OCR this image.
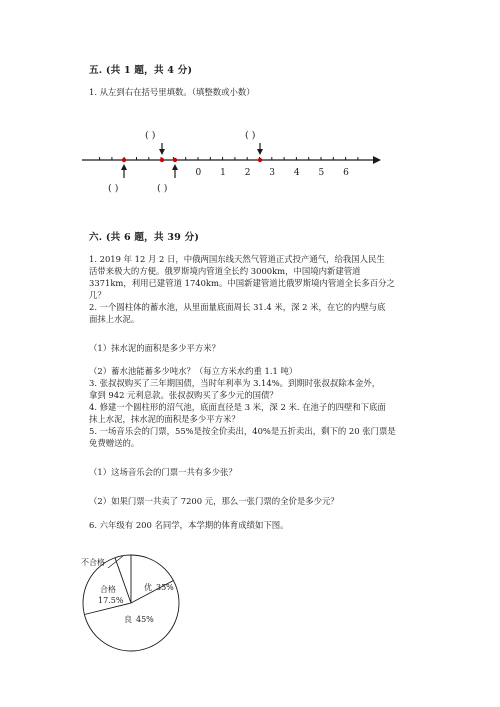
五. (共 1 题，共 4 分)
1. 从左到右在括号里填数。（填整数或小数）
0 1 2 3 4 5 6
( )	( )
( )	( )
六. (共 6 题，共 39 分)
1. 2019 年 12 月 2 日，中俄两国东线天然气管道正式投产通气，给我国人民生
活带来极大的方便。俄罗斯境内管道全长约 3000km，中国境内新建管道
3371km，利用已建管道 1740km。中国新建管道比俄罗斯境内管道全长多百分之
几？
2. 一个圆柱体的蓄水池，从里面量底面周长 31.4 米，深 2 米，在它的内壁与底
面抹上水泥。
（1）抹水泥的面积是多少平方米？
（2）蓄水池能蓄多少吨水？（每立方米水约重 1.1 吨）
3. 张叔叔购买了三年期国债，当时年利率为 3.14%。到期时张叔叔除本金外，
拿到 942 元利息款。张叔叔购买了多少元的国债？
4. 修建一个圆柱形的沼气池，底面直径是 3 米，深 2 米. 在池子的四壁和下底面
抹上水泥，抹水泥的面积是多少平方米？
5. 一场音乐会的门票，55%是按全价卖出，40%是五折卖出，剩下的 20 张门票是
免费赠送的。
（1）这场音乐会的门票一共有多少张？
（2）如果门票一共卖了 7200 元，那么一张门票的全价是多少元？
6. 六年级有 200 名同学，本学期的体育成绩如下图。
不合格
优 35%
合格
17.5%
良 45%
